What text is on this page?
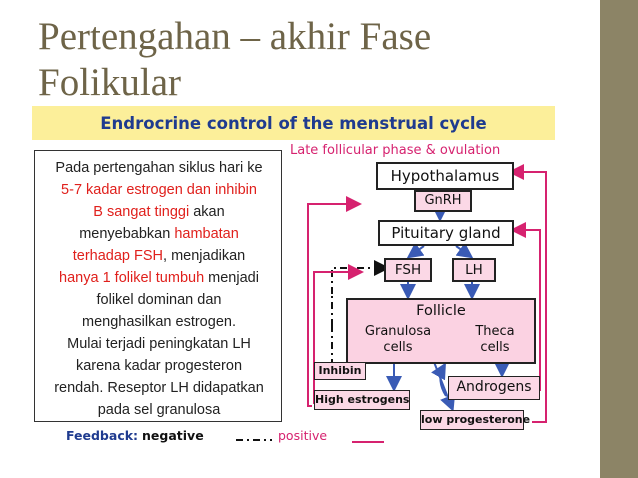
Pertengahan – akhir Fase
Folikular
Endrocrine control of the menstrual cycle
Late follicular phase & ovulation
Hypothalamus
GnRH
Pituitary gland
FSH	LH
Follicle
Granulosa
cells
Theca
cells
Inhibin
Androgens
High estrogens
low progesterone
Feedback: negative	positive
Pada pertengahan siklus hari ke
5-7 kadar estrogen dan inhibin
B sangat tinggi akan
menyebabkan hambatan
terhadap FSH, menjadikan
hanya 1 folikel tumbuh menjadi
folikel dominan dan
menghasilkan estrogen.
Mulai terjadi peningkatan LH
karena kadar progesteron
rendah. Reseptor LH didapatkan
pada sel granulosa
